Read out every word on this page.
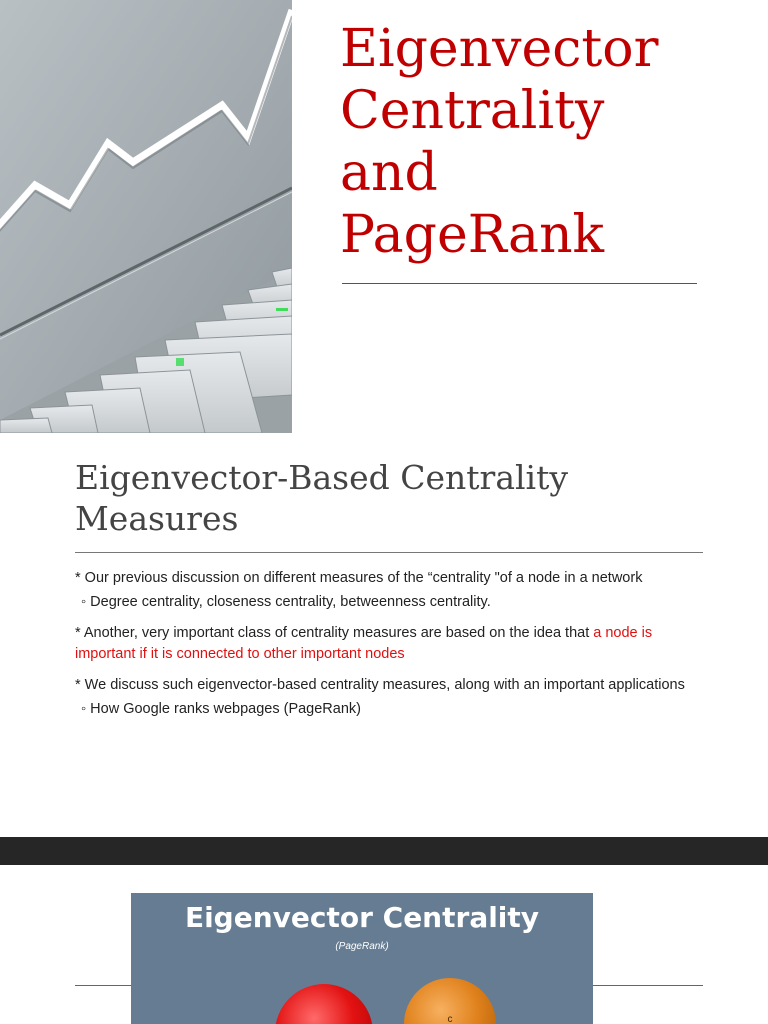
Eigenvector
Centrality
and
PageRank
Eigenvector-Based Centrality Measures
* Our previous discussion on different measures of the “centrality "of a node in a network
◦ Degree centrality, closeness centrality, betweenness centrality.
* Another, very important class of centrality measures are based on the idea that a node is important if it is connected to other important nodes
* We discuss such eigenvector-based centrality measures, along with an important applications
◦ How Google ranks webpages (PageRank)
Eigenvector Centrality
(PageRank)
c
